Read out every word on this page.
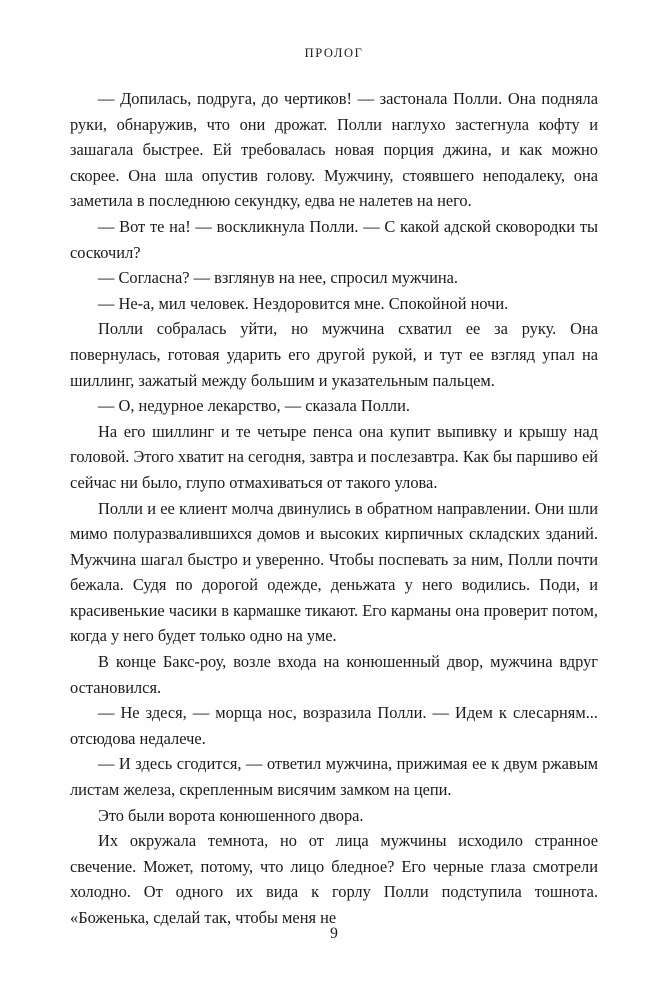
ПРОЛОГ

— Допилась, подруга, до чертиков! — застонала Полли. Она подняла руки, обнаружив, что они дрожат. Полли наглухо застегнула кофту и зашагала быстрее. Ей требовалась новая порция джина, и как можно скорее. Она шла опустив голову. Мужчину, стоявшего неподалеку, она заметила в последнюю секундку, едва не налетев на него.

— Вот те на! — воскликнула Полли. — С какой адской сковородки ты соскочил?

— Согласна? — взглянув на нее, спросил мужчина.

— Не-а, мил человек. Нездоровится мне. Спокойной ночи.

Полли собралась уйти, но мужчина схватил ее за руку. Она повернулась, готовая ударить его другой рукой, и тут ее взгляд упал на шиллинг, зажатый между большим и указательным пальцем.

— О, недурное лекарство, — сказала Полли.

На его шиллинг и те четыре пенса она купит выпивку и крышу над головой. Этого хватит на сегодня, завтра и послезавтра. Как бы паршиво ей сейчас ни было, глупо отмахиваться от такого улова.

Полли и ее клиент молча двинулись в обратном направлении. Они шли мимо полуразвалившихся домов и высоких кирпичных складских зданий. Мужчина шагал быстро и уверенно. Чтобы поспевать за ним, Полли почти бежала. Судя по дорогой одежде, деньжата у него водились. Поди, и красивенькие часики в кармашке тикают. Его карманы она проверит потом, когда у него будет только одно на уме.

В конце Бакс-роу, возле входа на конюшенный двор, мужчина вдруг остановился.

— Не здеся, — морща нос, возразила Полли. — Идем к слесарням... отсюдова недалече.

— И здесь сгодится, — ответил мужчина, прижимая ее к двум ржавым листам железа, скрепленным висячим замком на цепи.

Это были ворота конюшенного двора.

Их окружала темнота, но от лица мужчины исходило странное свечение. Может, потому, что лицо бледное? Его черные глаза смотрели холодно. От одного их вида к горлу Полли подступила тошнота. «Боженька, сделай так, чтобы меня не

9
